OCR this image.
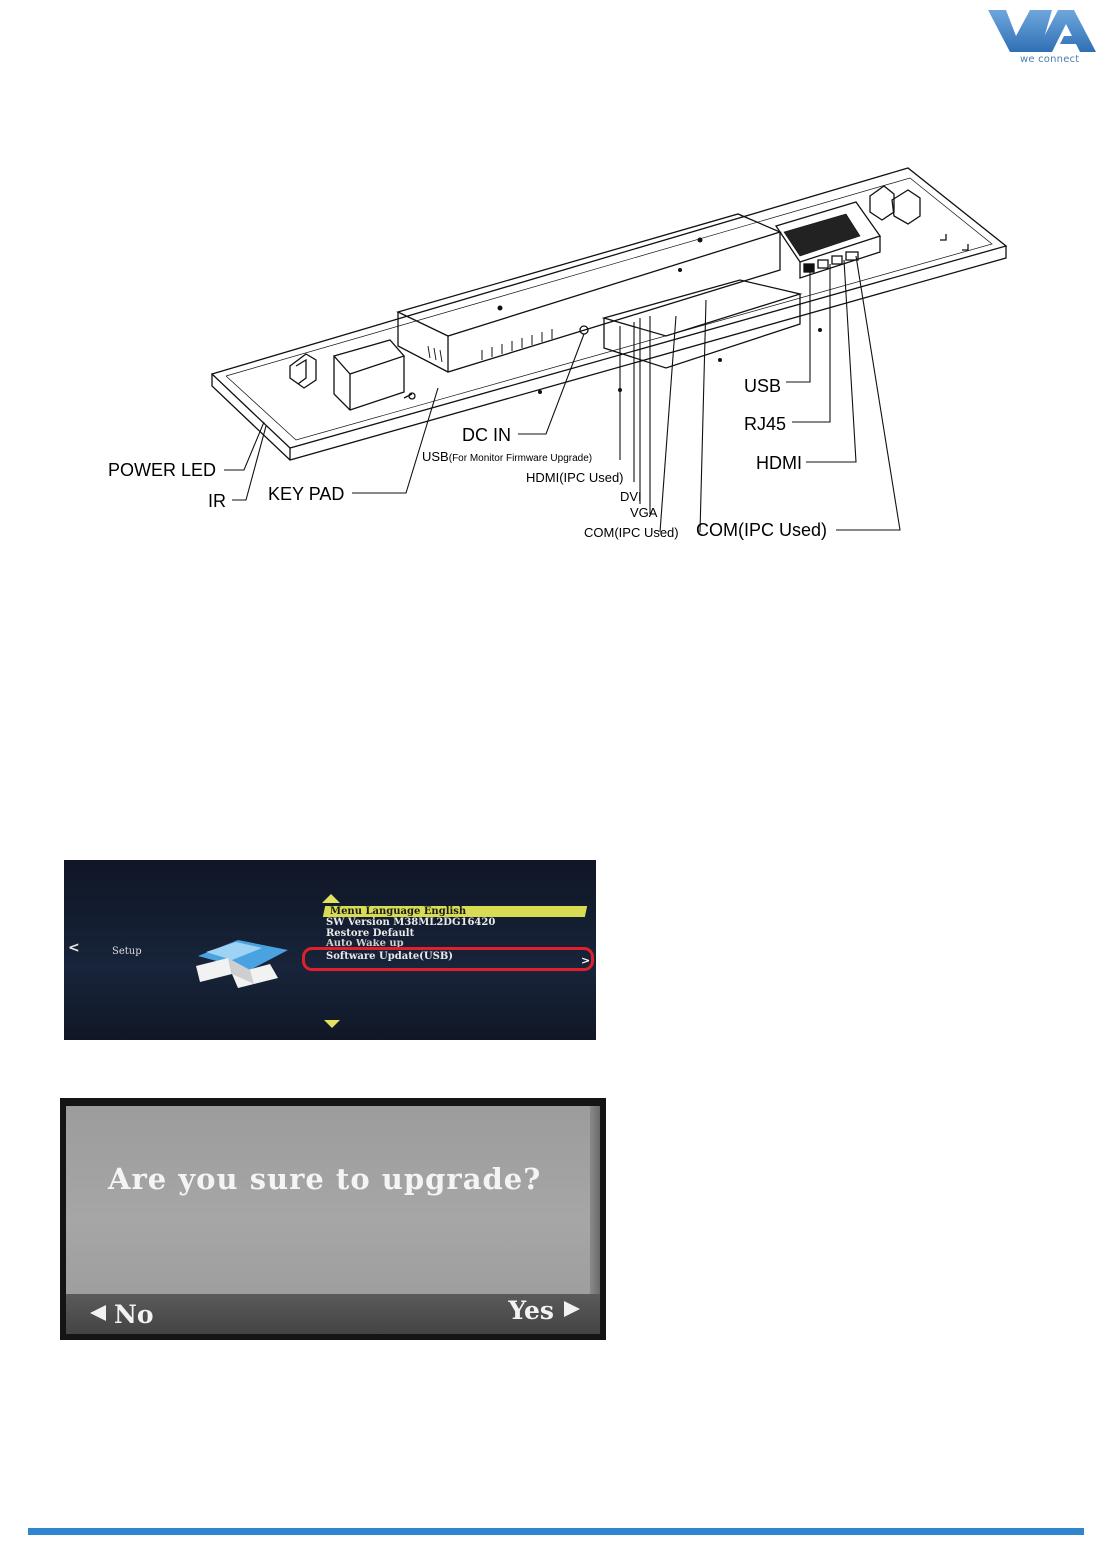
we connect
POWER LED
IR KEY PAD
DC IN
USB(For Monitor Firmware Upgrade)
HDMI(IPC Used)
DVI
VGA
COM(IPC Used) COM(IPC Used)
USB
RJ45
HDMI
<	Setup
Menu Language English
SW Version M38ML2DG16420
Restore Default
Auto Wake up
Software Update(USB)	>
Are you sure to upgrade?
No	Yes
